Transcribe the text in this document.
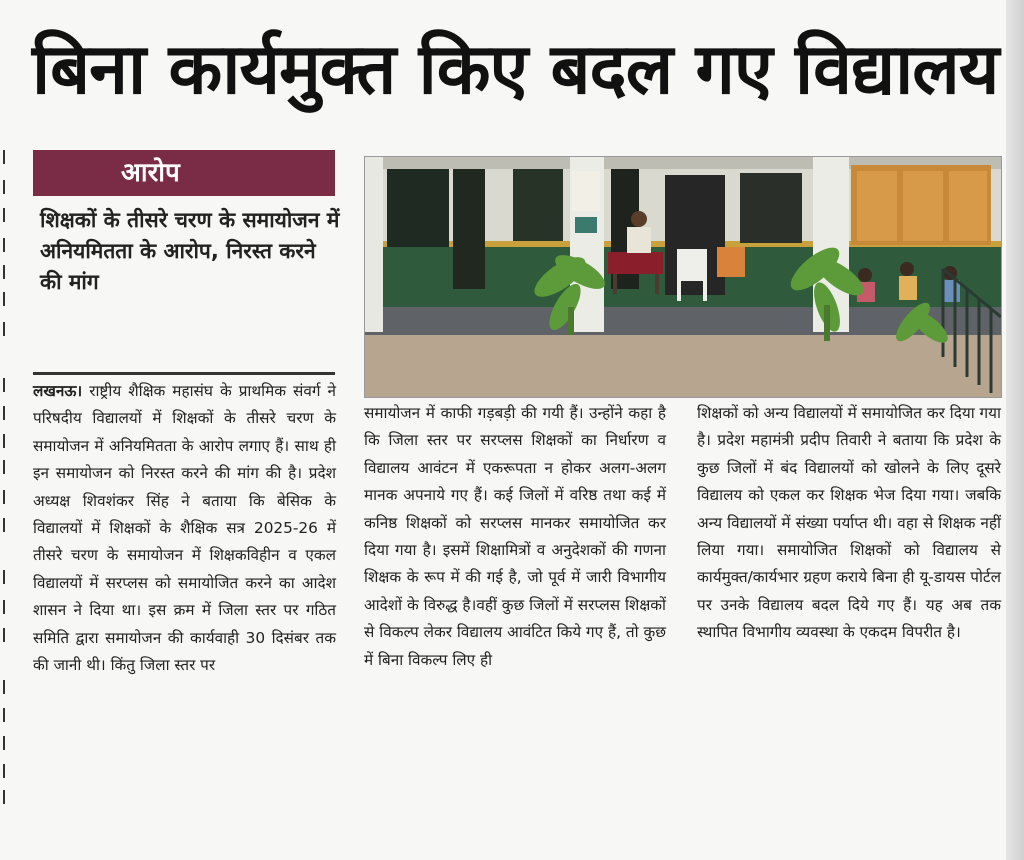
बिना कार्यमुक्त किए बदल गए विद्यालय
आरोप

शिक्षकों के तीसरे चरण के समायोजन में अनियमितता के आरोप, निरस्त करने की मांग

लखनऊ। राष्ट्रीय शैक्षिक महासंघ के प्राथमिक संवर्ग ने परिषदीय विद्यालयों में शिक्षकों के तीसरे चरण के समायोजन में अनियमितता के आरोप लगाए हैं। साथ ही इन समायोजन को निरस्त करने की मांग की है। प्रदेश अध्यक्ष शिवशंकर सिंह ने बताया कि बेसिक के विद्यालयों में शिक्षकों के शैक्षिक सत्र 2025-26 में तीसरे चरण के समायोजन में शिक्षकविहीन व एकल विद्यालयों में सरप्लस को समायोजित करने का आदेश शासन ने दिया था। इस क्रम में जिला स्तर पर गठित समिति द्वारा समायोजन की कार्यवाही 30 दिसंबर तक की जानी थी। किंतु जिला स्तर पर

समायोजन में काफी गड़बड़ी की गयी हैं। उन्होंने कहा है कि जिला स्तर पर सरप्लस शिक्षकों का निर्धारण व विद्यालय आवंटन में एकरूपता न होकर अलग-अलग मानक अपनाये गए हैं। कई जिलों में वरिष्ठ तथा कई में कनिष्ठ शिक्षकों को सरप्लस मानकर समायोजित कर दिया गया है। इसमें शिक्षामित्रों व अनुदेशकों की गणना शिक्षक के रूप में की गई है, जो पूर्व में जारी विभागीय आदेशों के विरुद्ध है।वहीं कुछ जिलों में सरप्लस शिक्षकों से विकल्प लेकर विद्यालय आवंटित किये गए हैं, तो कुछ में बिना विकल्प लिए ही

शिक्षकों को अन्य विद्यालयों में समायोजित कर दिया गया है। प्रदेश महामंत्री प्रदीप तिवारी ने बताया कि प्रदेश के कुछ जिलों में बंद विद्यालयों को खोलने के लिए दूसरे विद्यालय को एकल कर शिक्षक भेज दिया गया। जबकि अन्य विद्यालयों में संख्या पर्याप्त थी। वहा से शिक्षक नहीं लिया गया। समायोजित शिक्षकों को विद्यालय से कार्यमुक्त/कार्यभार ग्रहण कराये बिना ही यू-डायस पोर्टल पर उनके विद्यालय बदल दिये गए हैं। यह अब तक स्थापित विभागीय व्यवस्था के एकदम विपरीत है।
